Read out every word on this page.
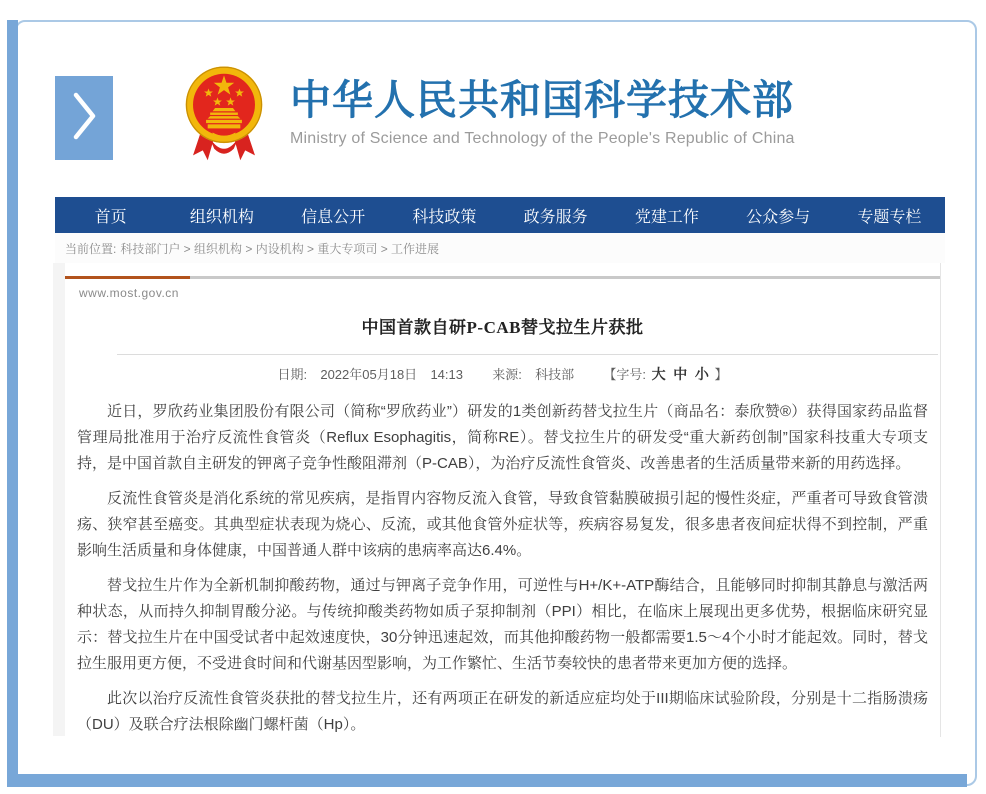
中华人民共和国科学技术部
Ministry of Science and Technology of the People's Republic of China
首页	组织机构	信息公开	科技政策	政务服务	党建工作	公众参与	专题专栏
当前位置: 科技部门户 > 组织机构 > 内设机构 > 重大专项司 > 工作进展
www.most.gov.cn
中国首款自研P-CAB替戈拉生片获批
日期: 2022年05月18日 14:13 来源: 科技部 【字号: 大 中 小 】

近日，罗欣药业集团股份有限公司（简称“罗欣药业”）研发的1类创新药替戈拉生片（商品名：泰欣赞®）获得国家药品监督管理局批准用于治疗反流性食管炎（Reflux Esophagitis，简称RE）。替戈拉生片的研发受“重大新药创制”国家科技重大专项支持，是中国首款自主研发的钾离子竞争性酸阻滞剂（P-CAB），为治疗反流性食管炎、改善患者的生活质量带来新的用药选择。

反流性食管炎是消化系统的常见疾病，是指胃内容物反流入食管，导致食管黏膜破损引起的慢性炎症，严重者可导致食管溃疡、狭窄甚至癌变。其典型症状表现为烧心、反流，或其他食管外症状等，疾病容易复发，很多患者夜间症状得不到控制，严重影响生活质量和身体健康，中国普通人群中该病的患病率高达6.4%。

替戈拉生片作为全新机制抑酸药物，通过与钾离子竞争作用，可逆性与H+/K+-ATP酶结合，且能够同时抑制其静息与激活两种状态，从而持久抑制胃酸分泌。与传统抑酸类药物如质子泵抑制剂（PPI）相比，在临床上展现出更多优势，根据临床研究显示：替戈拉生片在中国受试者中起效速度快，30分钟迅速起效，而其他抑酸药物一般都需要1.5～4个小时才能起效。同时，替戈拉生服用更方便，不受进食时间和代谢基因型影响，为工作繁忙、生活节奏较快的患者带来更加方便的选择。

此次以治疗反流性食管炎获批的替戈拉生片，还有两项正在研发的新适应症均处于III期临床试验阶段，分别是十二指肠溃疡（DU）及联合疗法根除幽门螺杆菌（Hp）。
